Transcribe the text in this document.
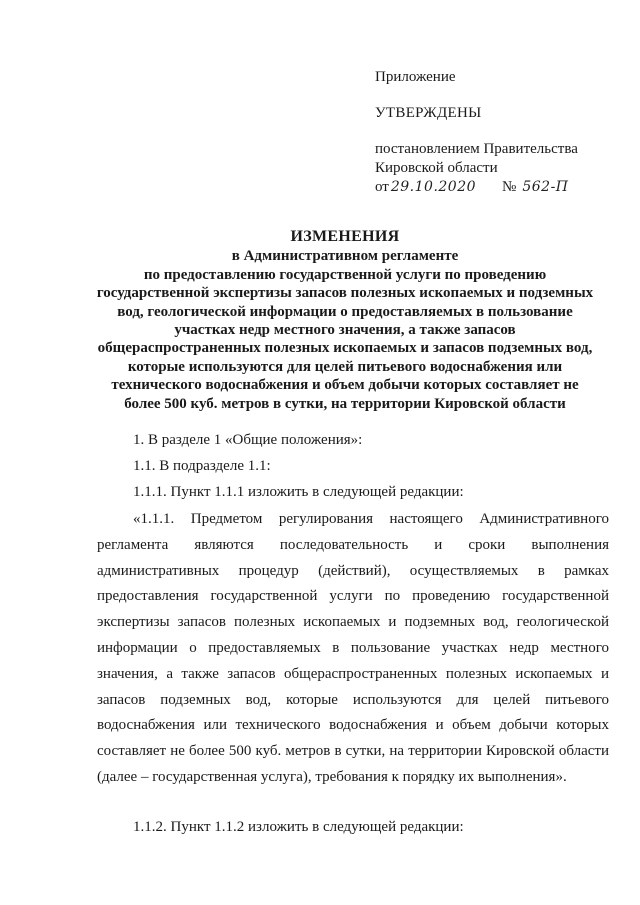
Приложение
УТВЕРЖДЕНЫ
постановлением Правительства
Кировской области
от 29.10.2020 № 562-П
ИЗМЕНЕНИЯ
в Административном регламенте
по предоставлению государственной услуги по проведению
государственной экспертизы запасов полезных ископаемых и подземных
вод, геологической информации о предоставляемых в пользование
участках недр местного значения, а также запасов
общераспространенных полезных ископаемых и запасов подземных вод,
которые используются для целей питьевого водоснабжения или
технического водоснабжения и объем добычи которых составляет не
более 500 куб. метров в сутки, на территории Кировской области

1. В разделе 1 «Общие положения»:

1.1. В подразделе 1.1:

1.1.1. Пункт 1.1.1 изложить в следующей редакции:

«1.1.1. Предметом регулирования настоящего Административного регламента являются последовательность и сроки выполнения административных процедур (действий), осуществляемых в рамках предоставления государственной услуги по проведению государственной экспертизы запасов полезных ископаемых и подземных вод, геологической информации о предоставляемых в пользование участках недр местного значения, а также запасов общераспространенных полезных ископаемых и запасов подземных вод, которые используются для целей питьевого водоснабжения или технического водоснабжения и объем добычи которых составляет не более 500 куб. метров в сутки, на территории Кировской области (далее – государственная услуга), требования к порядку их выполнения».

1.1.2. Пункт 1.1.2 изложить в следующей редакции:
